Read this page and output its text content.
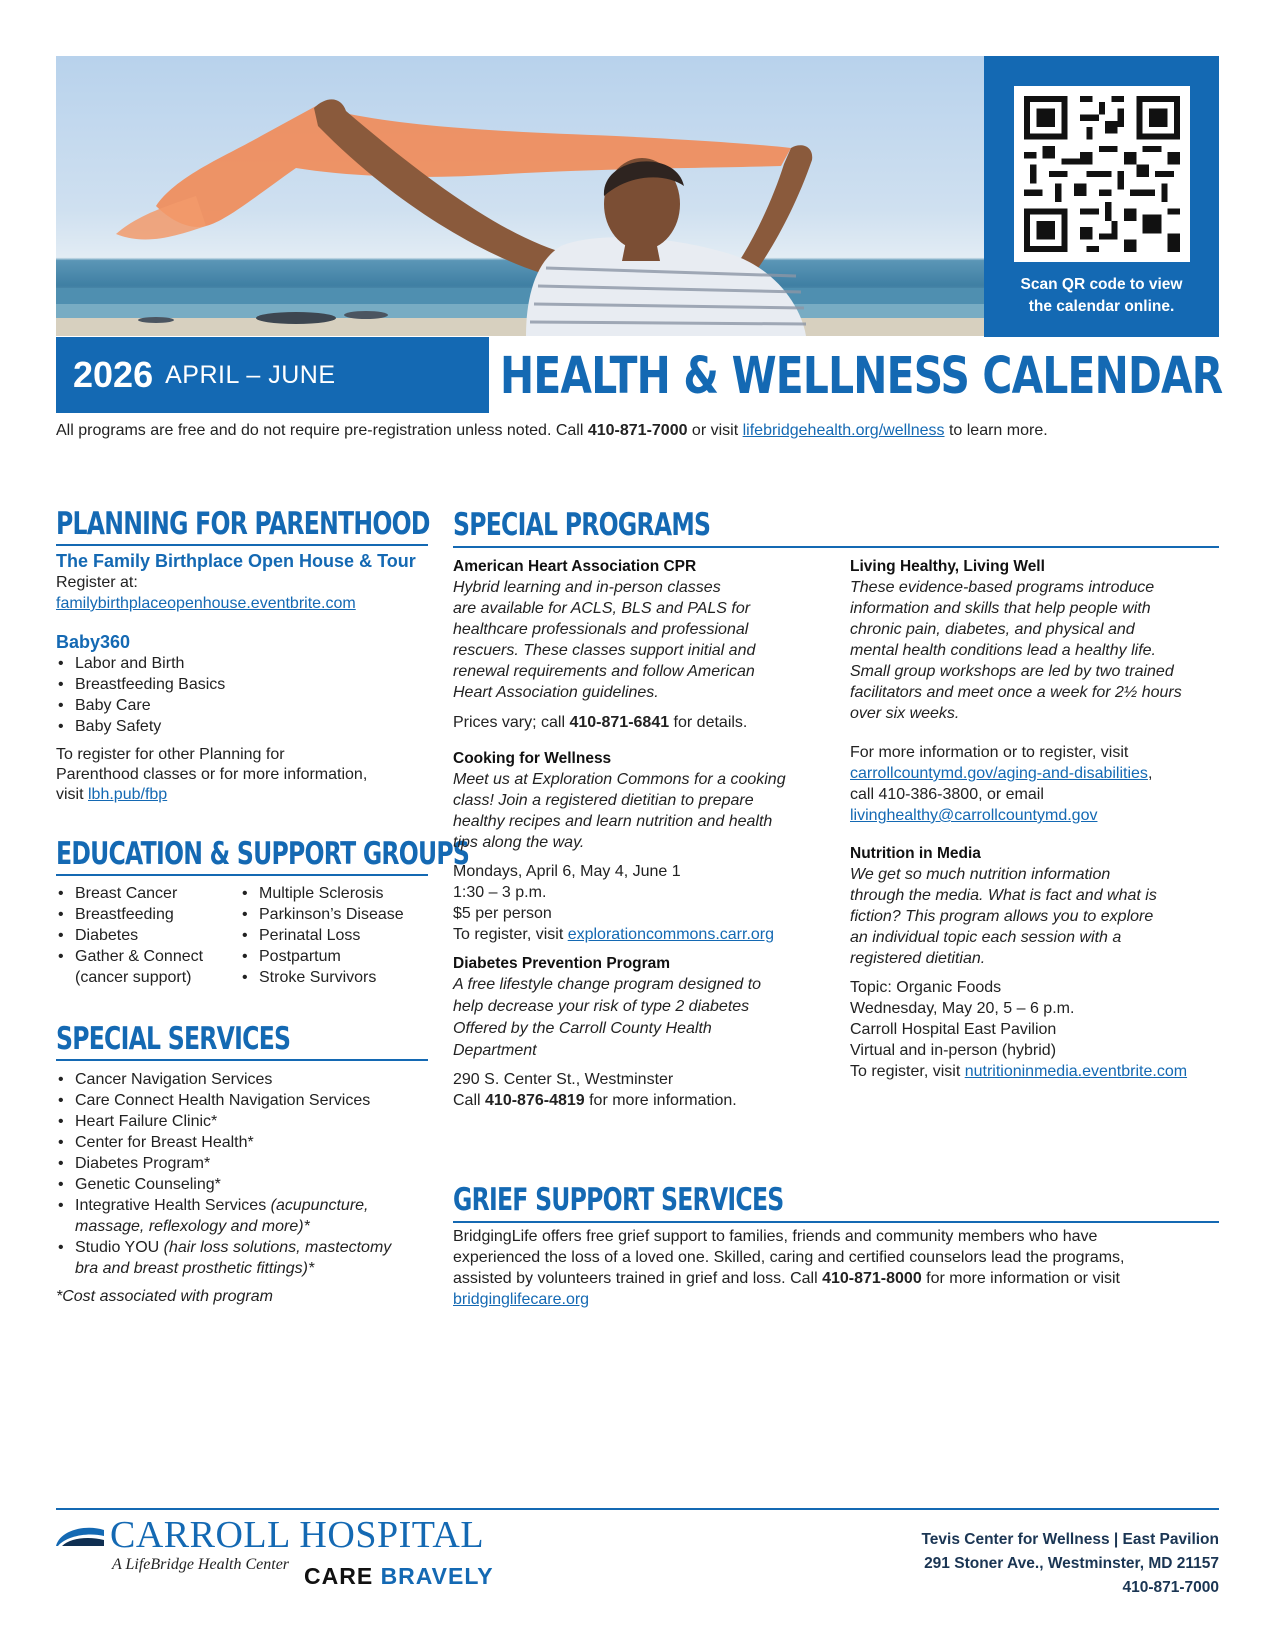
Scan QR code to view
the calendar online.
2026 APRIL – JUNE	HEALTH & WELLNESS CALENDAR
All programs are free and do not require pre-registration unless noted. Call 410-871-7000 or visit lifebridgehealth.org/wellness to learn more.
PLANNING FOR PARENTHOOD
The Family Birthplace Open House & Tour
Register at:
familybirthplaceopenhouse.eventbrite.com
Baby360
• Labor and Birth
• Breastfeeding Basics
• Baby Care
• Baby Safety
To register for other Planning for
Parenthood classes or for more information,
visit lbh.pub/fbp
EDUCATION & SUPPORT GROUPS
• Breast Cancer
• Breastfeeding
• Diabetes
• Gather & Connect
(cancer support)
• Multiple Sclerosis
• Parkinson’s Disease
• Perinatal Loss
• Postpartum
• Stroke Survivors
SPECIAL SERVICES
• Cancer Navigation Services
• Care Connect Health Navigation Services
• Heart Failure Clinic*
• Center for Breast Health*
• Diabetes Program*
• Genetic Counseling*
• Integrative Health Services (acupuncture,
massage, reflexology and more)*
• Studio YOU (hair loss solutions, mastectomy
bra and breast prosthetic fittings)*
*Cost associated with program
SPECIAL PROGRAMS
American Heart Association CPR
Hybrid learning and in-person classes
are available for ACLS, BLS and PALS for
healthcare professionals and professional
rescuers. These classes support initial and
renewal requirements and follow American
Heart Association guidelines.
Prices vary; call 410-871-6841 for details.
Cooking for Wellness
Meet us at Exploration Commons for a cooking
class! Join a registered dietitian to prepare
healthy recipes and learn nutrition and health
tips along the way.
Mondays, April 6, May 4, June 1
1:30 – 3 p.m.
$5 per person
To register, visit explorationcommons.carr.org
Diabetes Prevention Program
A free lifestyle change program designed to
help decrease your risk of type 2 diabetes
Offered by the Carroll County Health
Department
290 S. Center St., Westminster
Call 410-876-4819 for more information.
Living Healthy, Living Well
These evidence-based programs introduce
information and skills that help people with
chronic pain, diabetes, and physical and
mental health conditions lead a healthy life.
Small group workshops are led by two trained
facilitators and meet once a week for 2½ hours
over six weeks.
For more information or to register, visit
carrollcountymd.gov/aging-and-disabilities,
call 410-386-3800, or email
livinghealthy@carrollcountymd.gov
Nutrition in Media
We get so much nutrition information
through the media. What is fact and what is
fiction? This program allows you to explore
an individual topic each session with a
registered dietitian.
Topic: Organic Foods
Wednesday, May 20, 5 – 6 p.m.
Carroll Hospital East Pavilion
Virtual and in-person (hybrid)
To register, visit nutritioninmedia.eventbrite.com
GRIEF SUPPORT SERVICES
BridgingLife offers free grief support to families, friends and community members who have
experienced the loss of a loved one. Skilled, caring and certified counselors lead the programs,
assisted by volunteers trained in grief and loss. Call 410-871-8000 for more information or visit
bridginglifecare.org
CARROLL HOSPITAL
A LifeBridge Health Center CARE BRAVELY
Tevis Center for Wellness | East Pavilion
291 Stoner Ave., Westminster, MD 21157
410-871-7000
